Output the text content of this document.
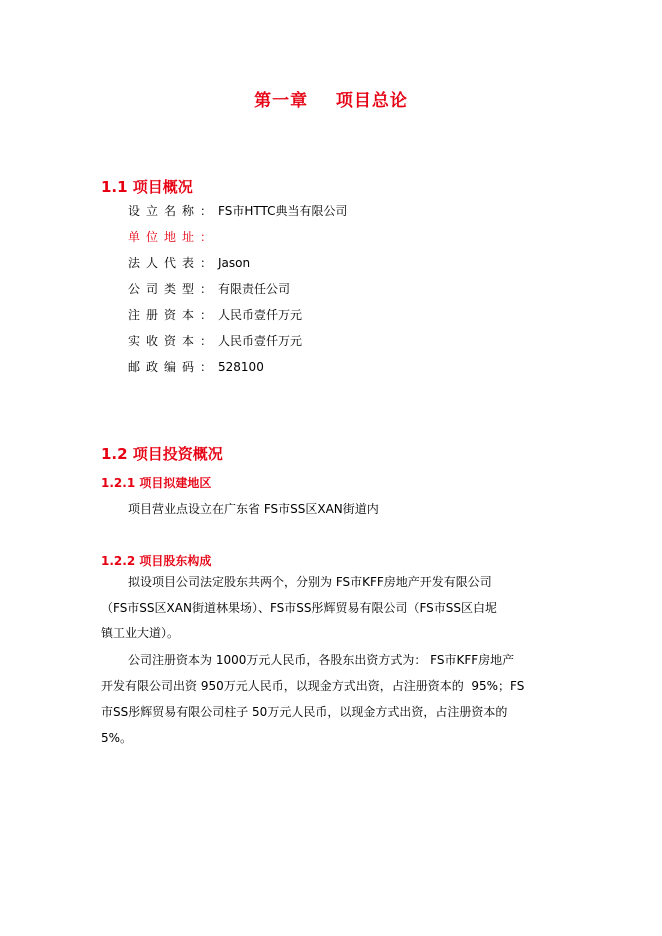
第一章    项目总论
1.1 项目概况
设立名称：FS市HTTC典当有限公司
单位地址：
法人代表：Jason
公司类型：有限责任公司
注册资本：人民币壹仟万元
实收资本：人民币壹仟万元
邮政编码：528100
1.2 项目投资概况
1.2.1 项目拟建地区
项目营业点设立在广东省 FS市SS区XAN街道内
1.2.2 项目股东构成
拟设项目公司法定股东共两个，分别为 FS市KFF房地产开发有限公司
（FS市SS区XAN街道林果场）、FS市SS彤辉贸易有限公司（FS市SS区白坭
镇工业大道）。
公司注册资本为 1000万元人民币，各股东出资方式为： FS市KFF房地产
开发有限公司出资 950万元人民币，以现金方式出资，占注册资本的  95%；FS
市SS彤辉贸易有限公司柱子 50万元人民币，以现金方式出资，占注册资本的
5%。
